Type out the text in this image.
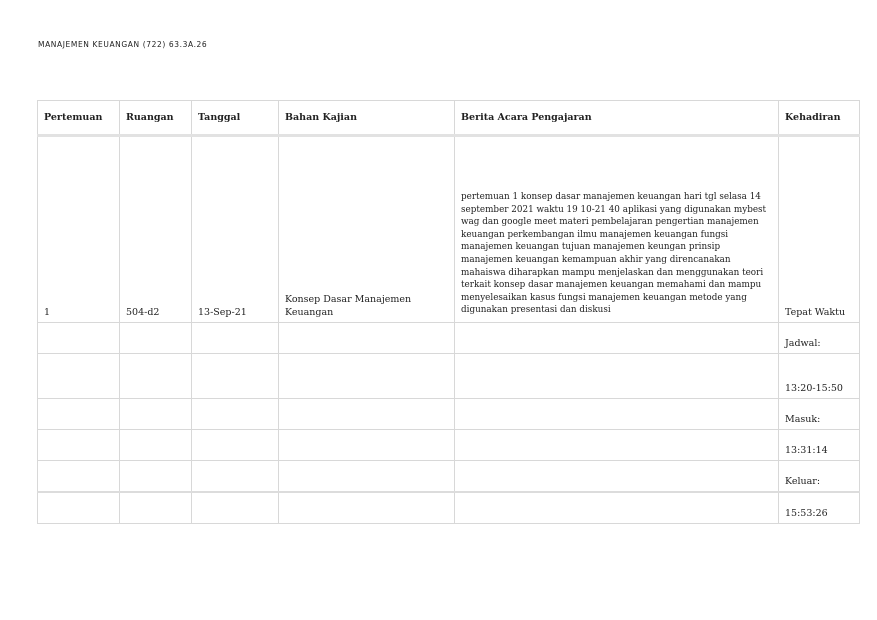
MANAJEMEN KEUANGAN (722) 63.3A.26
Pertemuan	Ruangan	Tanggal	Bahan Kajian	Berita Acara Pengajaran	Kehadiran
1	504-d2	13-Sep-21	Konsep Dasar Manajemen Keuangan	pertemuan 1 konsep dasar manajemen keuangan hari tgl selasa 14 september 2021 waktu 19 10-21 40 aplikasi yang digunakan mybest wag dan google meet materi pembelajaran pengertian manajemen keuangan perkembangan ilmu manajemen keuangan fungsi manajemen keuangan tujuan manajemen keungan prinsip manajemen keuangan kemampuan akhir yang direncanakan mahaiswa diharapkan mampu menjelaskan dan menggunakan teori terkait konsep dasar manajemen keuangan memahami dan mampu menyelesaikan kasus fungsi manajemen keuangan metode yang digunakan presentasi dan diskusi	Tepat Waktu
					Jadwal:
					13:20-15:50
					Masuk:
					13:31:14
					Keluar:
					15:53:26
